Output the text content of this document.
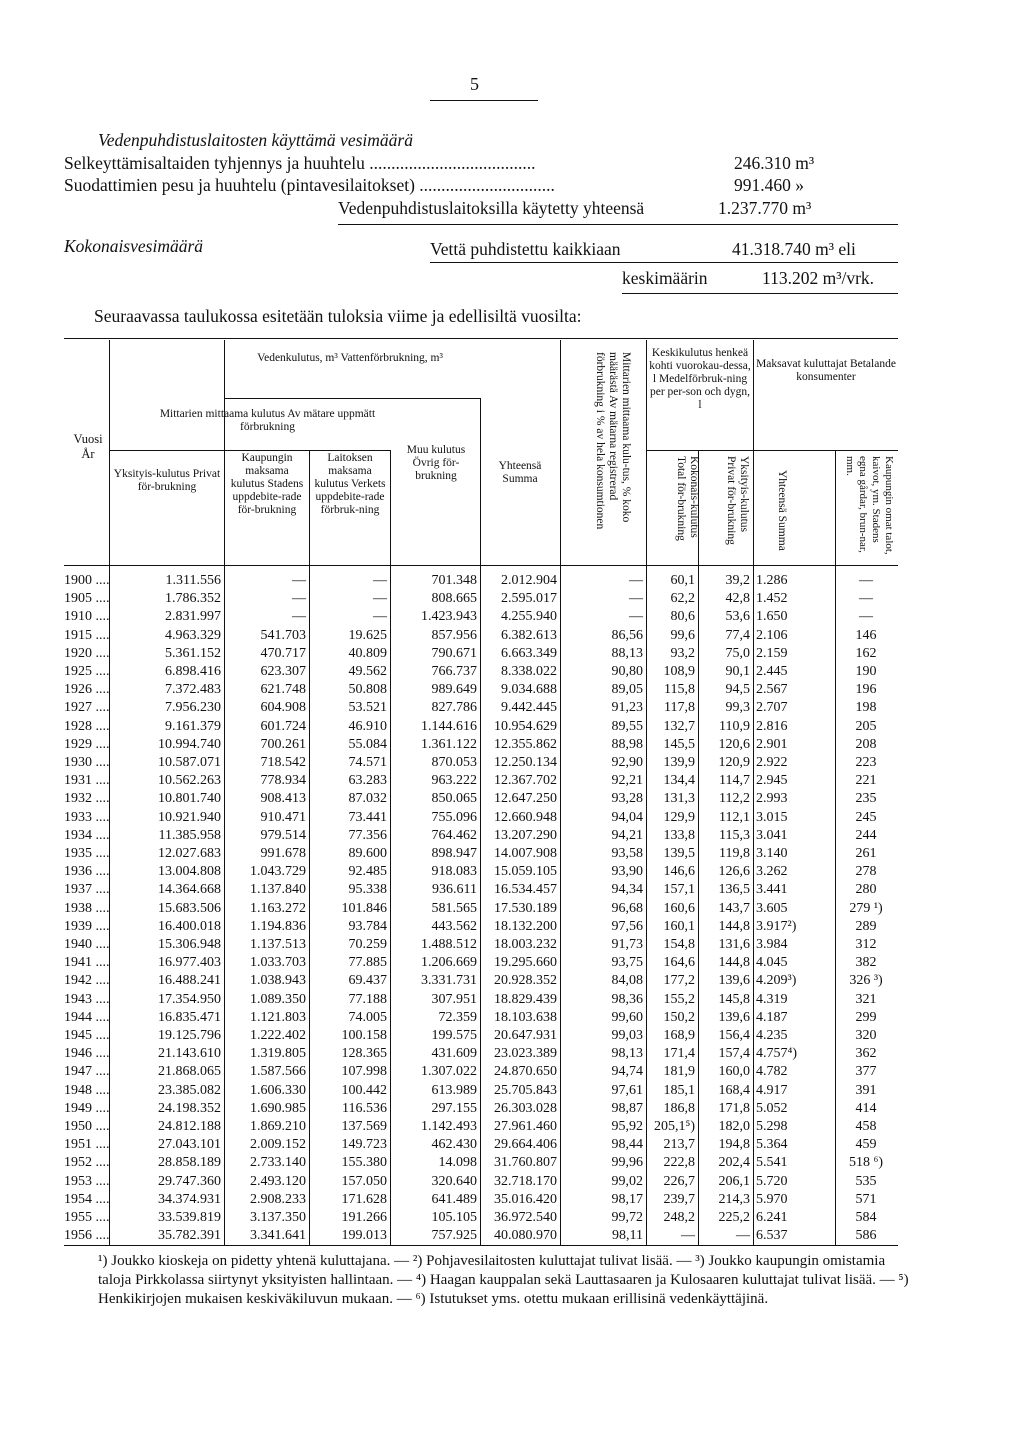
5
Vedenpuhdistuslaitosten käyttämä vesimäärä
Selkeyttämisaltaiden tyhjennys ja huuhtelu ......................................	246.310 m³
Suodattimien pesu ja huuhtelu (pintavesilaitokset) ...............................	991.460 »
Vedenpuhdistuslaitoksilla käytetty yhteensä	1.237.770 m³
Kokonaisvesimäärä	Vettä puhdistettu kaikkiaan	41.318.740 m³ eli
keskimäärin	113.202 m³/vrk.
Seuraavassa taulukossa esitetään tuloksia viime ja edellisiltä vuosilta:
Vuosi År
Vedenkulutus, m³ Vattenförbrukning, m³
Mittarien mittaama kulutus Av mätare uppmätt förbrukning
Yksityis-kulutus Privat för-brukning
Kaupungin maksama kulutus Stadens uppdebite-rade för-brukning
Laitoksen maksama kulutus Verkets uppdebite-rade förbruk-ning
Muu kulutus Övrig för-brukning
Yhteensä Summa	Mittarien mittaama kulu-tus, % koko määrästä Av mätarna registrerad förbrukning i % av hela konsumtionen	Keskikulutus henkeä kohti vuorokau-dessa, l Medelförbruk-ning per per-son och dygn, l
Kokonais-kulutus Total för-brukning	Yksityis-kulutus Privat för-brukning
Maksavat kuluttajat Betalande konsumenter
Yhteensä Summa	Kaupungin omat talot, kaivot, ym. Stadens egna gårdar, brun-nar, mm.
1900 ....	1.311.556	—	—	701.348	2.012.904	—	60,1	39,2 1.286	—
1905 ....	1.786.352	—	—	808.665	2.595.017	—	62,2	42,8 1.452	—
1910 ....	2.831.997	—	—	1.423.943	4.255.940	—	80,6	53,6 1.650	—
1915 ....	4.963.329	541.703	19.625	857.956	6.382.613	86,56	99,6	77,4 2.106	146
1920 ....	5.361.152	470.717	40.809	790.671	6.663.349	88,13	93,2	75,0 2.159	162
1925 ....	6.898.416	623.307	49.562	766.737	8.338.022	90,80	108,9	90,1 2.445	190
1926 ....	7.372.483	621.748	50.808	989.649	9.034.688	89,05	115,8	94,5 2.567	196
1927 ....	7.956.230	604.908	53.521	827.786	9.442.445	91,23	117,8	99,3 2.707	198
1928 ....	9.161.379	601.724	46.910	1.144.616	10.954.629	89,55	132,7	110,9 2.816	205
1929 ....	10.994.740	700.261	55.084	1.361.122	12.355.862	88,98	145,5	120,6 2.901	208
1930 ....	10.587.071	718.542	74.571	870.053	12.250.134	92,90	139,9	120,9 2.922	223
1931 ....	10.562.263	778.934	63.283	963.222	12.367.702	92,21	134,4	114,7 2.945	221
1932 ....	10.801.740	908.413	87.032	850.065	12.647.250	93,28	131,3	112,2 2.993	235
1933 ....	10.921.940	910.471	73.441	755.096	12.660.948	94,04	129,9	112,1 3.015	245
1934 ....	11.385.958	979.514	77.356	764.462	13.207.290	94,21	133,8	115,3 3.041	244
1935 ....	12.027.683	991.678	89.600	898.947	14.007.908	93,58	139,5	119,8 3.140	261
1936 ....	13.004.808	1.043.729	92.485	918.083	15.059.105	93,90	146,6	126,6 3.262	278
1937 ....	14.364.668	1.137.840	95.338	936.611	16.534.457	94,34	157,1	136,5 3.441	280
1938 ....	15.683.506	1.163.272	101.846	581.565	17.530.189	96,68	160,6	143,7 3.605	279 ¹)
1939 ....	16.400.018	1.194.836	93.784	443.562	18.132.200	97,56	160,1	144,8 3.917²)	289
1940 ....	15.306.948	1.137.513	70.259	1.488.512	18.003.232	91,73	154,8	131,6 3.984	312
1941 ....	16.977.403	1.033.703	77.885	1.206.669	19.295.660	93,75	164,6	144,8 4.045	382
1942 ....	16.488.241	1.038.943	69.437	3.331.731	20.928.352	84,08	177,2	139,6 4.209³)	326 ³)
1943 ....	17.354.950	1.089.350	77.188	307.951	18.829.439	98,36	155,2	145,8 4.319	321
1944 ....	16.835.471	1.121.803	74.005	72.359	18.103.638	99,60	150,2	139,6 4.187	299
1945 ....	19.125.796	1.222.402	100.158	199.575	20.647.931	99,03	168,9	156,4 4.235	320
1946 ....	21.143.610	1.319.805	128.365	431.609	23.023.389	98,13	171,4	157,4 4.757⁴)	362
1947 ....	21.868.065	1.587.566	107.998	1.307.022	24.870.650	94,74	181,9	160,0 4.782	377
1948 ....	23.385.082	1.606.330	100.442	613.989	25.705.843	97,61	185,1	168,4 4.917	391
1949 ....	24.198.352	1.690.985	116.536	297.155	26.303.028	98,87	186,8	171,8 5.052	414
1950 ....	24.812.188	1.869.210	137.569	1.142.493	27.961.460	95,92 205,1⁵)	182,0 5.298	458
1951 ....	27.043.101	2.009.152	149.723	462.430	29.664.406	98,44	213,7	194,8 5.364	459
1952 ....	28.858.189	2.733.140	155.380	14.098	31.760.807	99,96	222,8	202,4 5.541	518 ⁶)
1953 ....	29.747.360	2.493.120	157.050	320.640	32.718.170	99,02	226,7	206,1 5.720	535
1954 ....	34.374.931	2.908.233	171.628	641.489	35.016.420	98,17	239,7	214,3 5.970	571
1955 ....	33.539.819	3.137.350	191.266	105.105	36.972.540	99,72	248,2	225,2 6.241	584
1956 ....	35.782.391	3.341.641	199.013	757.925	40.080.970	98,11	—	— 6.537	586
¹) Joukko kioskeja on pidetty yhtenä kuluttajana. — ²) Pohjavesilaitosten kuluttajat tulivat lisää. — ³) Joukko kaupungin omistamia taloja Pirkkolassa siirtynyt yksityisten hallintaan. — ⁴) Haagan kauppalan sekä Lauttasaaren ja Kulosaaren kuluttajat tulivat lisää. — ⁵) Henkikirjojen mukaisen keskiväkiluvun mukaan. — ⁶) Istutukset yms. otettu mukaan erillisinä vedenkäyttäjinä.
